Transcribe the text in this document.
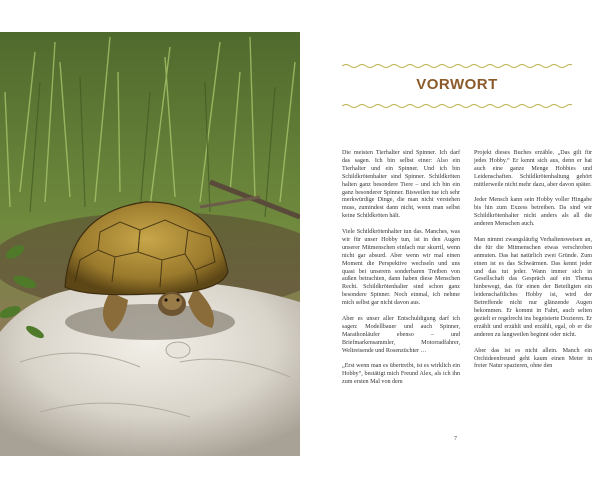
VORWORT

Die meisten Tierhalter sind Spinner. Ich darf das sagen. Ich bin selbst einer: Also ein Tierhalter und ein Spinner. Und ich bin Schildkrötenhalter sind Spinner. Schildkröten halten ganz besondere Tiere – und ich bin ein ganz besonderer Spinner. Bisweilen tue ich sehr merkwürdige Dinge, die man nicht verstehen muss, zumindest dann nicht, wenn man selbst keine Schildkröten hält.

Viele Schildkrötenhalter tun das. Manches, was wir für unser Hobby tun, ist in den Augen unserer Mitmenschen einfach nur skurril, wenn nicht gar absurd. Aber wenn wir mal einen Moment die Perspektive wechseln und uns quasi bei unserem sonderbaren Treiben von außen betrachten, dann haben diese Menschen Recht. Schildkrötenhalter sind schon ganz besondere Spinner. Noch einmal, ich nehme mich selbst gar nicht davon aus.

Aber es unser aller Entschuldigung darf ich sagen: Modellbauer und auch Spinner, Marathonläufer ebenso – und Briefmarkensammler, Motorradfahrer, Weltreisende und Rosenzüchter …

„Erst wenn man es übertreibt, ist es wirklich ein Hobby“, bestätigt mich Freund Alex, als ich ihn zum ersten Mal von dem

Projekt dieses Buches erzähle. „Das gilt für jedes Hobby.“ Er kennt sich aus, denn er hat auch eine ganze Menge Hobbies und Leidenschaften. Schildkrötenhaltung gehört mittlerweile nicht mehr dazu, aber davon später.

Jeder Mensch kann sein Hobby voller Hingabe bis hin zum Exzess betreiben. Da sind wir Schildkrötenhalter nicht anders als all die anderen Menschen auch.

Man nimmt zwangsläufig Verhaltensweisen an, die für die Mitmenschen etwas verschroben anmuten. Das hat natürlich zwei Gründe. Zum einen ist es das Schwärmen. Das kennt jeder und das tut jeder. Wann immer sich in Gesellschaft das Gespräch auf ein Thema hinbewegt, das für einen der Beteiligten ein leidenschaftliches Hobby ist, wird der Betreffende nicht nur glänzende Augen bekommen. Er kommt in Fahrt, auch selten gezielt er regelrecht ins begeisterte Dozieren. Er erzählt und erzählt und erzählt, egal, ob er die anderen zu langweilen beginnt oder nicht.

Aber das ist es nicht allein. Manch ein Orchideenfreund geht kaum einen Meter in freier Natur spazieren, ohne den

7
